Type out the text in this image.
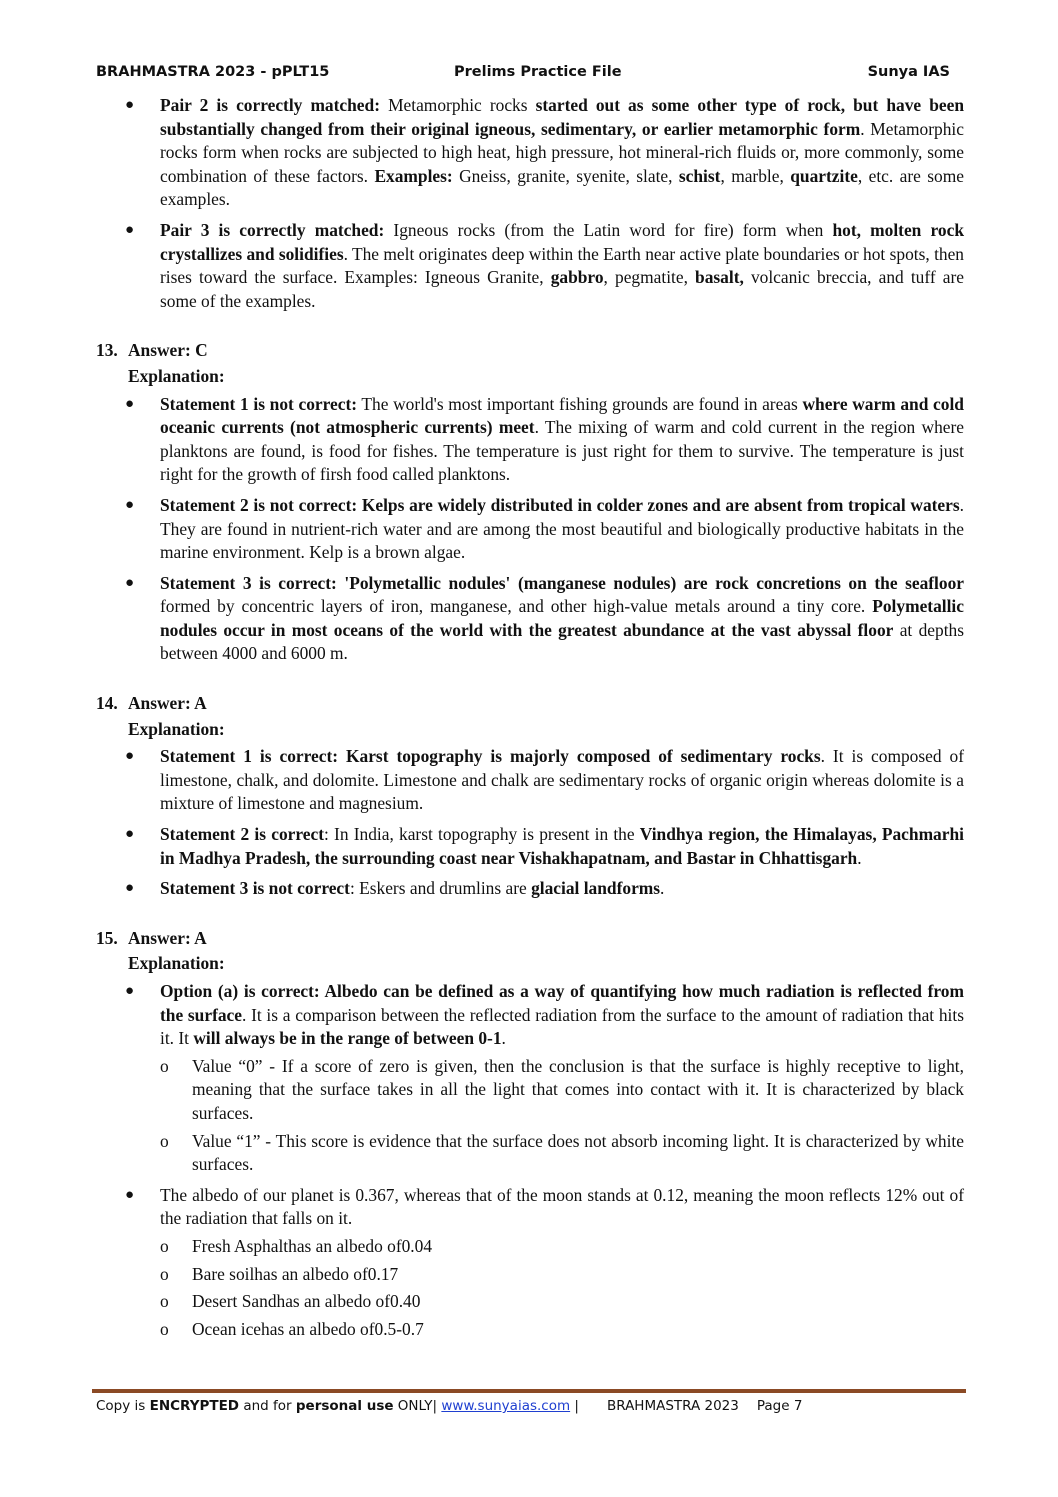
BRAHMASTRA 2023 - pPLT15	Prelims Practice File	Sunya IAS
● Pair 2 is correctly matched: Metamorphic rocks started out as some other type of rock, but have been substantially changed from their original igneous, sedimentary, or earlier metamorphic form. Metamorphic rocks form when rocks are subjected to high heat, high pressure, hot mineral-rich fluids or, more commonly, some combination of these factors. Examples: Gneiss, granite, syenite, slate, schist, marble, quartzite, etc. are some examples.
● Pair 3 is correctly matched: Igneous rocks (from the Latin word for fire) form when hot, molten rock crystallizes and solidifies. The melt originates deep within the Earth near active plate boundaries or hot spots, then rises toward the surface. Examples: Igneous Granite, gabbro, pegmatite, basalt, volcanic breccia, and tuff are some of the examples.
13. Answer: C
Explanation:
● Statement 1 is not correct: The world's most important fishing grounds are found in areas where warm and cold oceanic currents (not atmospheric currents) meet. The mixing of warm and cold current in the region where planktons are found, is food for fishes. The temperature is just right for them to survive. The temperature is just right for the growth of firsh food called planktons.
● Statement 2 is not correct: Kelps are widely distributed in colder zones and are absent from tropical waters. They are found in nutrient-rich water and are among the most beautiful and biologically productive habitats in the marine environment. Kelp is a brown algae.
● Statement 3 is correct: 'Polymetallic nodules' (manganese nodules) are rock concretions on the seafloor formed by concentric layers of iron, manganese, and other high-value metals around a tiny core. Polymetallic nodules occur in most oceans of the world with the greatest abundance at the vast abyssal floor at depths between 4000 and 6000 m.
14. Answer: A
Explanation:
● Statement 1 is correct: Karst topography is majorly composed of sedimentary rocks. It is composed of limestone, chalk, and dolomite. Limestone and chalk are sedimentary rocks of organic origin whereas dolomite is a mixture of limestone and magnesium.
● Statement 2 is correct: In India, karst topography is present in the Vindhya region, the Himalayas, Pachmarhi in Madhya Pradesh, the surrounding coast near Vishakhapatnam, and Bastar in Chhattisgarh.
● Statement 3 is not correct: Eskers and drumlins are glacial landforms.
15. Answer: A
Explanation:
● Option (a) is correct: Albedo can be defined as a way of quantifying how much radiation is reflected from the surface. It is a comparison between the reflected radiation from the surface to the amount of radiation that hits it. It will always be in the range of between 0-1.
o Value “0” - If a score of zero is given, then the conclusion is that the surface is highly receptive to light, meaning that the surface takes in all the light that comes into contact with it. It is characterized by black surfaces.
o Value “1” - This score is evidence that the surface does not absorb incoming light. It is characterized by white surfaces.
● The albedo of our planet is 0.367, whereas that of the moon stands at 0.12, meaning the moon reflects 12% out of the radiation that falls on it.
o Fresh Asphalthas an albedo of0.04
o Bare soilhas an albedo of0.17
o Desert Sandhas an albedo of0.40
o Ocean icehas an albedo of0.5-0.7
Copy is ENCRYPTED and for personal use ONLY| www.sunyaias.com | BRAHMASTRA 2023 Page 7
